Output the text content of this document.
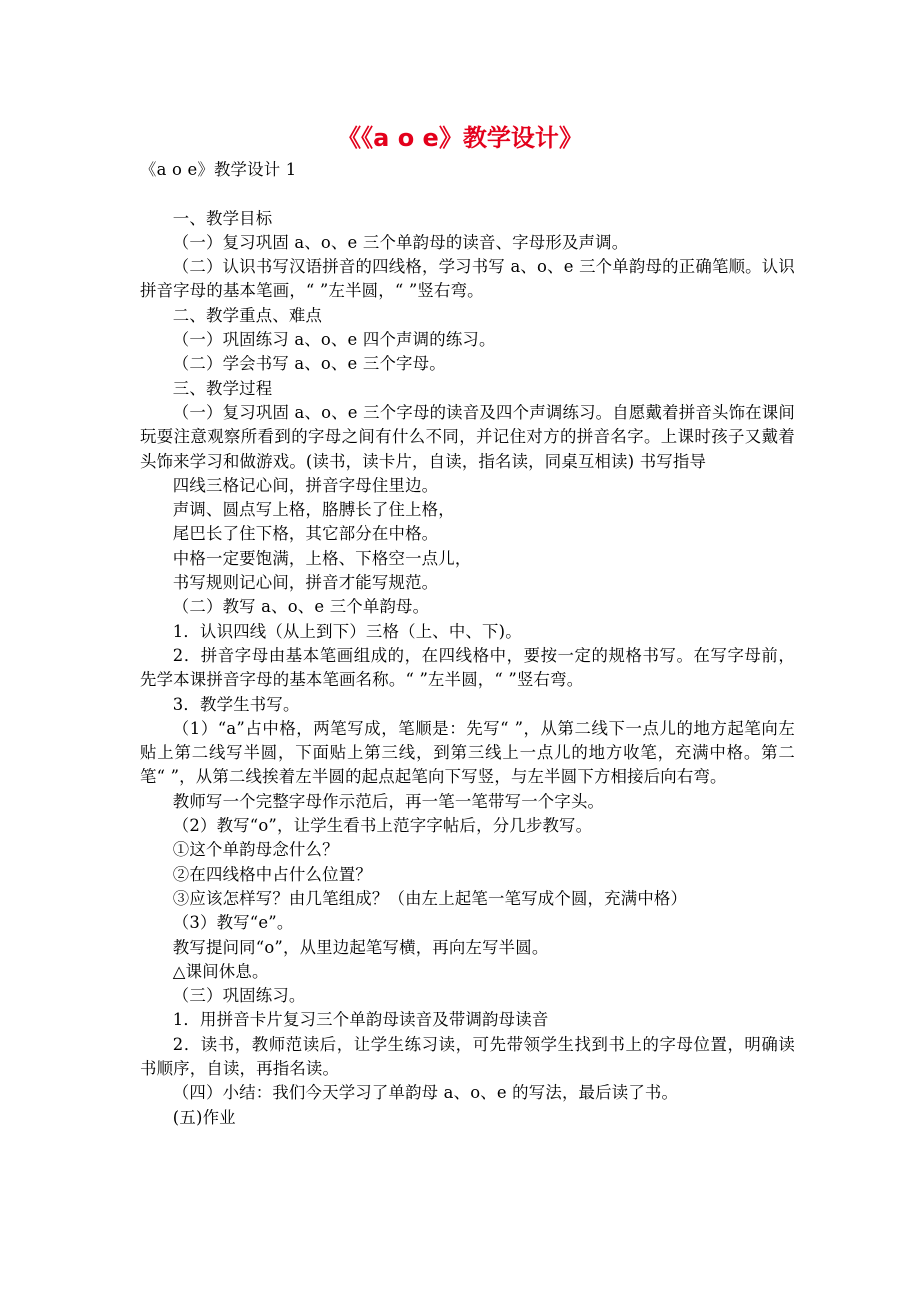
《《a o e》教学设计》

《a o e》教学设计 1

一、教学目标

（一）复习巩固 a、o、e 三个单韵母的读音、字母形及声调。

（二）认识书写汉语拼音的四线格，学习书写 a、o、e 三个单韵母的正确笔顺。认识拼音字母的基本笔画，“ ”左半圆，“ ”竖右弯。

二、教学重点、难点

（一）巩固练习 a、o、e 四个声调的练习。

（二）学会书写 a、o、e 三个字母。

三、教学过程

（一）复习巩固 a、o、e 三个字母的读音及四个声调练习。自愿戴着拼音头饰在课间玩耍注意观察所看到的字母之间有什么不同，并记住对方的拼音名字。上课时孩子又戴着头饰来学习和做游戏。(读书，读卡片，自读，指名读，同桌互相读) 书写指导

四线三格记心间，拼音字母住里边。

声调、圆点写上格，胳膊长了住上格，

尾巴长了住下格，其它部分在中格。

中格一定要饱满，上格、下格空一点儿，

书写规则记心间，拼音才能写规范。

（二）教写 a、o、e 三个单韵母。

1．认识四线（从上到下）三格（上、中、下)。

2．拼音字母由基本笔画组成的，在四线格中，要按一定的规格书写。在写字母前，先学本课拼音字母的基本笔画名称。“ ”左半圆，“ ”竖右弯。

3．教学生书写。

（1）“a”占中格，两笔写成，笔顺是：先写“ ”，从第二线下一点儿的地方起笔向左贴上第二线写半圆，下面贴上第三线，到第三线上一点儿的地方收笔，充满中格。第二笔“ ”，从第二线挨着左半圆的起点起笔向下写竖，与左半圆下方相接后向右弯。

教师写一个完整字母作示范后，再一笔一笔带写一个字头。

（2）教写“o”，让学生看书上范字字帖后，分几步教写。

①这个单韵母念什么？

②在四线格中占什么位置？

③应该怎样写？由几笔组成？（由左上起笔一笔写成个圆，充满中格）

（3）教写“e”。

教写提问同“o”，从里边起笔写横，再向左写半圆。

△课间休息。

（三）巩固练习。

1．用拼音卡片复习三个单韵母读音及带调韵母读音

2．读书，教师范读后，让学生练习读，可先带领学生找到书上的字母位置，明确读书顺序，自读，再指名读。

（四）小结：我们今天学习了单韵母 a、o、e 的写法，最后读了书。

(五)作业
